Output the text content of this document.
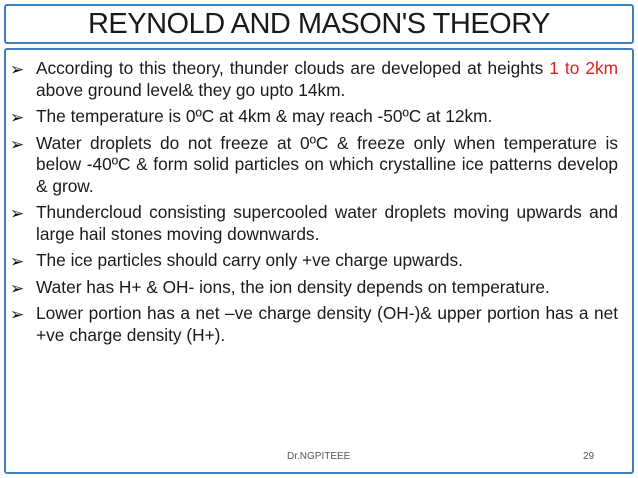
REYNOLD AND MASON'S THEORY
➢ According to this theory, thunder clouds are developed at heights 1 to 2km above ground level& they go upto 14km.
➢ The temperature is 0ºC at 4km & may reach -50ºC at 12km.
➢ Water droplets do not freeze at 0ºC & freeze only when temperature is below -40ºC & form solid particles on which crystalline ice patterns develop & grow.
➢ Thundercloud consisting supercooled water droplets moving upwards and large hail stones moving downwards.
➢ The ice particles should carry only +ve charge upwards.
➢ Water has H+ & OH- ions, the ion density depends on temperature.
➢ Lower portion has a net –ve charge density (OH-)& upper portion has a net +ve charge density (H+).
Dr.NGPITEEE	29
